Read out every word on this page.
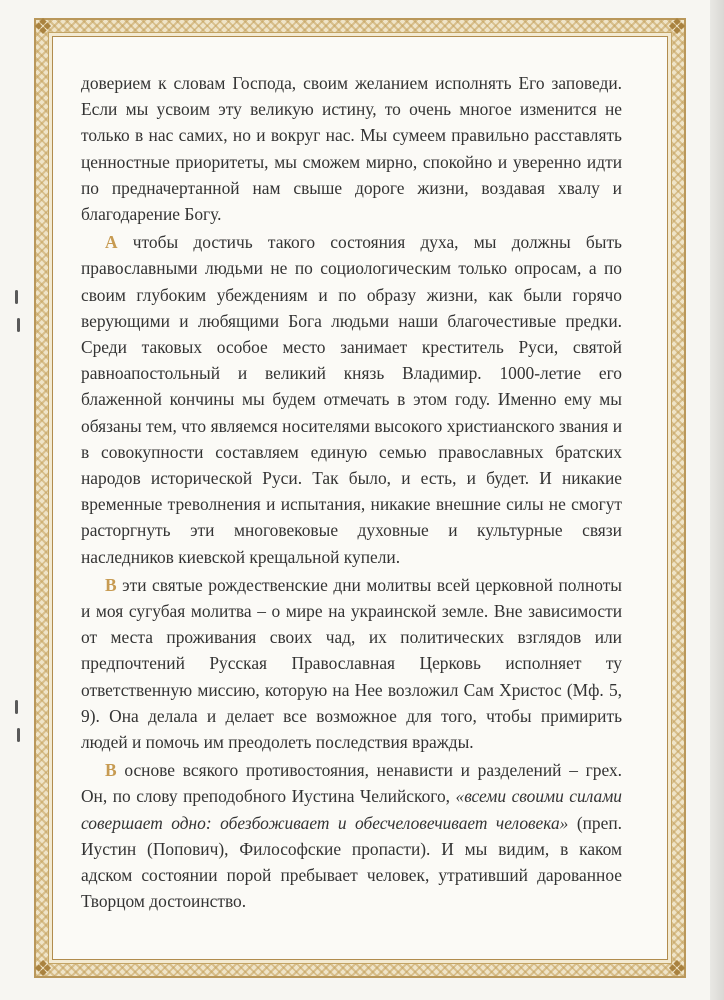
❖	❖
❖	❖

доверием к словам Господа, своим желанием исполнять Его заповеди. Если мы усвоим эту великую истину, то очень многое изменится не только в нас самих, но и вокруг нас. Мы сумеем правильно расставлять ценностные приоритеты, мы сможем мирно, спокойно и уверенно идти по предначертанной нам свыше дороге жизни, воздавая хвалу и благодарение Богу.

А чтобы достичь такого состояния духа, мы должны быть православными людьми не по социологическим только опросам, а по своим глубоким убеждениям и по образу жизни, как были горячо верующими и любящими Бога людьми наши благочестивые предки. Среди таковых особое место занимает креститель Руси, святой равноапостольный и великий князь Владимир. 1000-летие его блаженной кончины мы будем отмечать в этом году. Именно ему мы обязаны тем, что являемся носителями высокого христианского звания и в совокупности составляем единую семью православных братских народов исторической Руси. Так было, и есть, и будет. И никакие временные треволнения и испытания, никакие внешние силы не смогут расторгнуть эти многовековые духовные и культурные связи наследников киевской крещальной купели.

В эти святые рождественские дни молитвы всей церковной полноты и моя сугубая молитва – о мире на украинской земле. Вне зависимости от места проживания своих чад, их политических взглядов или предпочтений Русская Православная Церковь исполняет ту ответственную миссию, которую на Нее возложил Сам Христос (Мф. 5, 9). Она делала и делает все возможное для того, чтобы примирить людей и помочь им преодолеть последствия вражды.

В основе всякого противостояния, ненависти и разделений – грех. Он, по слову преподобного Иустина Челийского, «всеми своими силами совершает одно: обезбоживает и обесчеловечивает человека» (преп. Иустин (Попович), Философские пропасти). И мы видим, в каком адском состоянии порой пребывает человек, утративший дарованное Творцом достоинство.
